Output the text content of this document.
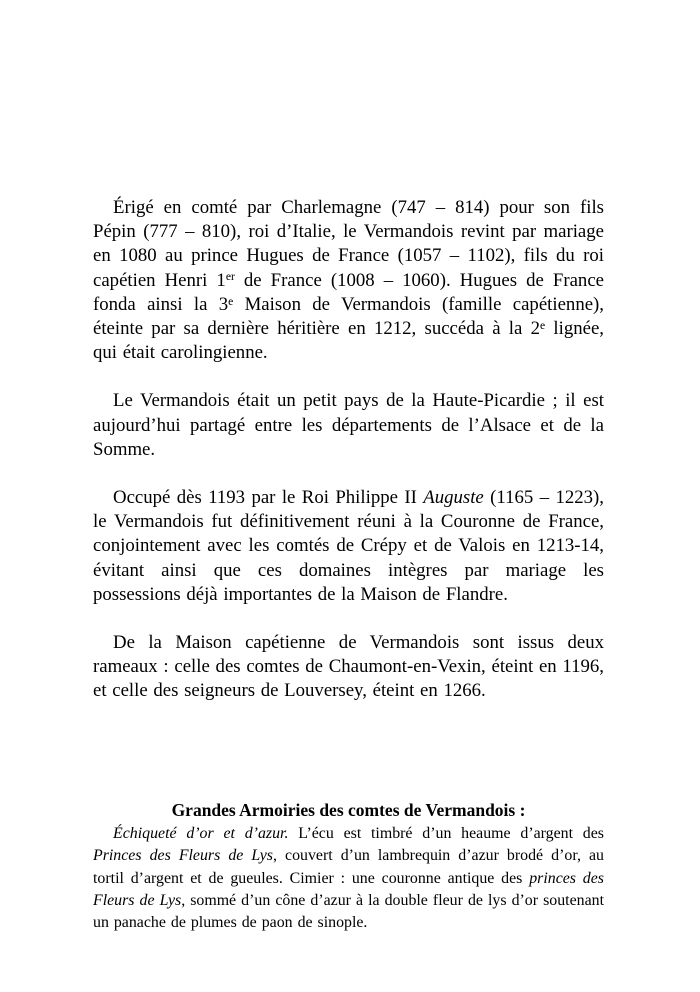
Érigé en comté par Charlemagne (747 – 814) pour son fils Pépin (777 – 810), roi d’Italie, le Vermandois revint par mariage en 1080 au prince Hugues de France (1057 – 1102), fils du roi capétien Henri 1er de France (1008 – 1060). Hugues de France fonda ainsi la 3e Maison de Vermandois (famille capétienne), éteinte par sa dernière héritière en 1212, succéda à la 2e lignée, qui était carolingienne.

Le Vermandois était un petit pays de la Haute-Picardie ; il est aujourd’hui partagé entre les départements de l’Alsace et de la Somme.

Occupé dès 1193 par le Roi Philippe II Auguste (1165 – 1223), le Vermandois fut définitivement réuni à la Couronne de France, conjointement avec les comtés de Crépy et de Valois en 1213-14, évitant ainsi que ces domaines intègres par mariage les possessions déjà importantes de la Maison de Flandre.

De la Maison capétienne de Vermandois sont issus deux rameaux : celle des comtes de Chaumont-en-Vexin, éteint en 1196, et celle des seigneurs de Louversey, éteint en 1266.

Grandes Armoiries des comtes de Vermandois :

Échiqueté d’or et d’azur. L’écu est timbré d’un heaume d’argent des Princes des Fleurs de Lys, couvert d’un lambrequin d’azur brodé d’or, au tortil d’argent et de gueules. Cimier : une couronne antique des princes des Fleurs de Lys, sommé d’un cône d’azur à la double fleur de lys d’or soutenant un panache de plumes de paon de sinople.
